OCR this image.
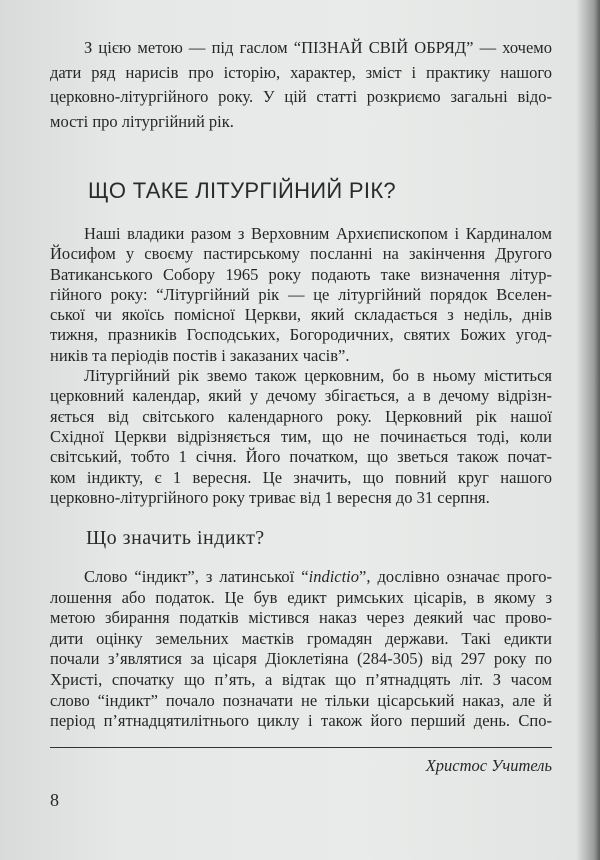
З цією метою — під гаслом “ПІЗНАЙ СВІЙ ОБРЯД” — хочемо
дати ряд нарисів про історію, характер, зміст і практику нашого
церковно-літургійного року. У цій статті розкриємо загальні відо-
мості про літургійний рік.
ЩО ТАКЕ ЛІТУРГІЙНИЙ РІК?
Наші владики разом з Верховним Архиєпископом і Кардиналом
Йосифом у своєму пастирському посланні на закінчення Другого
Ватиканського Собору 1965 року подають таке визначення літур-
гійного року: “Літургійний рік — це літургійний порядок Вселен-
ської чи якоїсь помісної Церкви, який складається з неділь, днів
тижня, празників Господських, Богородичних, святих Божих угод-
ників та періодів постів і заказаних часів”.
Літургійний рік звемо також церковним, бо в ньому міститься
церковний календар, який у дечому збігається, а в дечому відрізн-
яється від світського календарного року. Церковний рік нашої
Східної Церкви відрізняється тим, що не починається тоді, коли
світський, тобто 1 січня. Його початком, що зветься також почат-
ком індикту, є 1 вересня. Це значить, що повний круг нашого
церковно-літургійного року триває від 1 вересня до 31 серпня.
Що значить індикт?
Слово “індикт”, з латинської “indictio”, дослівно означає прого-
лошення або податок. Це був едикт римських цісарів, в якому з
метою збирання податків містився наказ через деякий час прово-
дити оцінку земельних маєтків громадян держави. Такі едикти
почали з’являтися за цісаря Діоклетіяна (284-305) від 297 року по
Христі, спочатку що п’ять, а відтак що п’ятнадцять літ. З часом
слово “індикт” почало позначати не тільки цісарський наказ, але й
період п’ятнадцятилітнього циклу і також його перший день. Спо-
Христос Учитель
8
